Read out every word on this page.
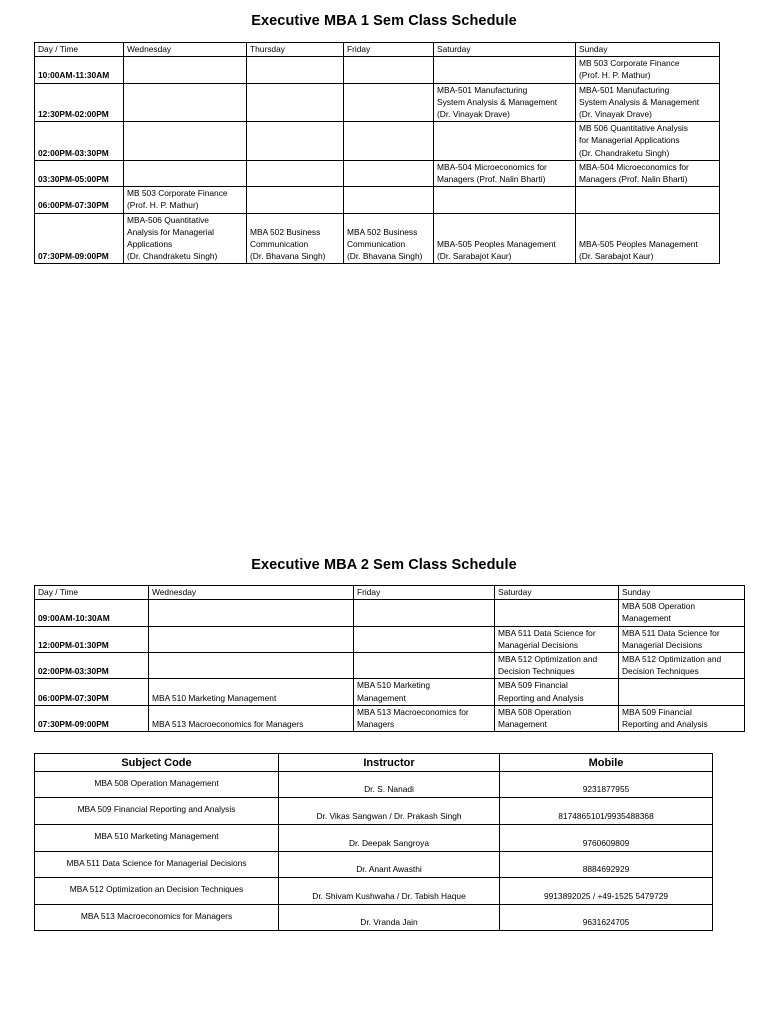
Executive MBA 1 Sem Class Schedule
Day / Time	Wednesday	Thursday	Friday	Saturday	Sunday
10:00AM-11:30AM					MB 503 Corporate Finance
(Prof. H. P. Mathur)
12:30PM-02:00PM				MBA-501 Manufacturing
System Analysis & Management
(Dr. Vinayak Drave)	MBA-501 Manufacturing
System Analysis & Management
(Dr. Vinayak Drave)
02:00PM-03:30PM					MB 506 Quantitative Analysis
for Managerial Applications
(Dr. Chandraketu Singh)
03:30PM-05:00PM				MBA-504 Microeconomics for
Managers (Prof. Nalin Bharti)	MBA-504 Microeconomics for
Managers (Prof. Nalin Bharti)
06:00PM-07:30PM	MB 503 Corporate Finance
(Prof. H. P. Mathur)				
07:30PM-09:00PM	MBA-506 Quantitative
Analysis for Managerial
Applications
(Dr. Chandraketu Singh)	MBA 502 Business
Communication
(Dr. Bhavana Singh)	MBA 502 Business
Communication
(Dr. Bhavana Singh)	MBA-505 Peoples Management
(Dr. Sarabajot Kaur)	MBA-505 Peoples Management
(Dr. Sarabajot Kaur)
Executive MBA 2 Sem Class Schedule
Day / Time	Wednesday	Friday	Saturday	Sunday
09:00AM-10:30AM				MBA 508 Operation
Management
12:00PM-01:30PM			MBA 511 Data Science for
Managerial Decisions	MBA 511 Data Science for
Managerial Decisions
02:00PM-03:30PM			MBA 512 Optimization and
Decision Techniques	MBA 512 Optimization and
Decision Techniques
06:00PM-07:30PM	MBA 510 Marketing Management	MBA 510 Marketing
Management	MBA 509 Financial
Reporting and Analysis	
07:30PM-09:00PM	MBA 513 Macroeconomics for Managers	MBA 513 Macroeconomics for
Managers	MBA 508 Operation
Management	MBA 509 Financial
Reporting and Analysis
Subject Code	Instructor	Mobile
MBA 508 Operation Management	Dr. S. Nanadi	9231877955
MBA 509 Financial Reporting and Analysis	Dr. Vikas Sangwan / Dr. Prakash Singh	8174865101/9935488368
MBA 510 Marketing Management	Dr. Deepak Sangroya	9760609809
MBA 511 Data Science for Managerial Decisions	Dr. Anant Awasthi	8884692929
MBA 512 Optimization an Decision Techniques	Dr. Shivam Kushwaha / Dr. Tabish Haque	9913892025 / +49-1525 5479729
MBA 513 Macroeconomics for Managers	Dr. Vranda Jain	9631624705
